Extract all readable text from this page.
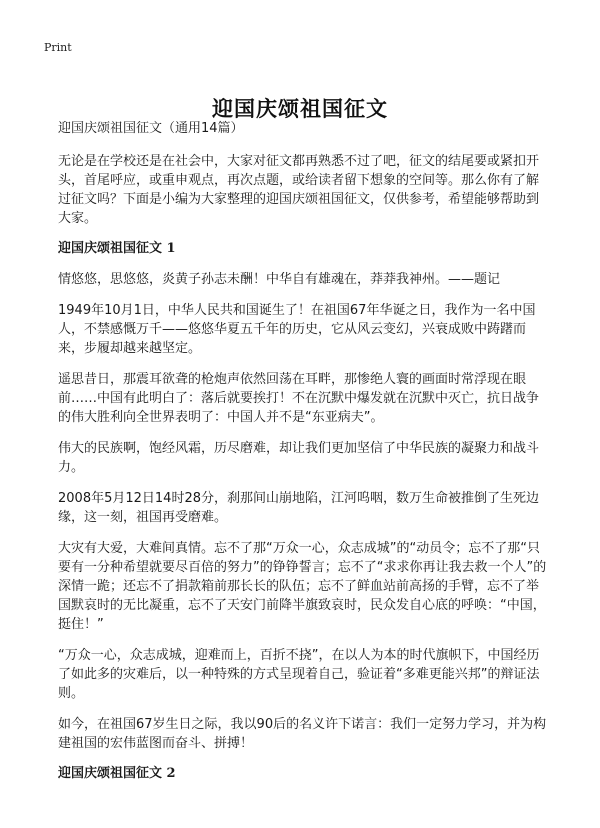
Print
迎国庆颂祖国征文
迎国庆颂祖国征文（通用14篇）

无论是在学校还是在社会中，大家对征文都再熟悉不过了吧，征文的结尾要或紧扣开头，首尾呼应，或重申观点，再次点题，或给读者留下想象的空间等。那么你有了解过征文吗？下面是小编为大家整理的迎国庆颂祖国征文，仅供参考，希望能够帮助到大家。

迎国庆颂祖国征文 1

情悠悠，思悠悠，炎黄子孙志未酬！中华自有雄魂在，莽莽我神州。——题记

1949年10月1日，中华人民共和国诞生了！在祖国67年华诞之日，我作为一名中国人，不禁感慨万千——悠悠华夏五千年的历史，它从风云变幻，兴衰成败中踌躇而来，步履却越来越坚定。

遥思昔日，那震耳欲聋的枪炮声依然回荡在耳畔，那惨绝人寰的画面时常浮现在眼前……中国有此明白了：落后就要挨打！不在沉默中爆发就在沉默中灭亡，抗日战争的伟大胜利向全世界表明了：中国人并不是“东亚病夫”。

伟大的民族啊，饱经风霜，历尽磨难，却让我们更加坚信了中华民族的凝聚力和战斗力。

2008年5月12日14时28分，刹那间山崩地陷，江河呜咽，数万生命被推倒了生死边缘，这一刻，祖国再受磨难。

大灾有大爱，大难间真情。忘不了那“万众一心，众志成城”的“动员令；忘不了那“只要有一分种希望就要尽百倍的努力”的铮铮誓言；忘不了“求求你再让我去救一个人”的深情一跪；还忘不了捐款箱前那长长的队伍；忘不了鲜血站前高扬的手臂，忘不了举国默哀时的无比凝重，忘不了天安门前降半旗致哀时，民众发自心底的呼唤：“中国，挺住！”

“万众一心，众志成城，迎难而上，百折不挠”，在以人为本的时代旗帜下，中国经历了如此多的灾难后，以一种特殊的方式呈现着自己，验证着“多难更能兴邦”的辩证法则。

如今，在祖国67岁生日之际，我以90后的名义许下诺言：我们一定努力学习，并为构建祖国的宏伟蓝图而奋斗、拼搏！

迎国庆颂祖国征文 2
